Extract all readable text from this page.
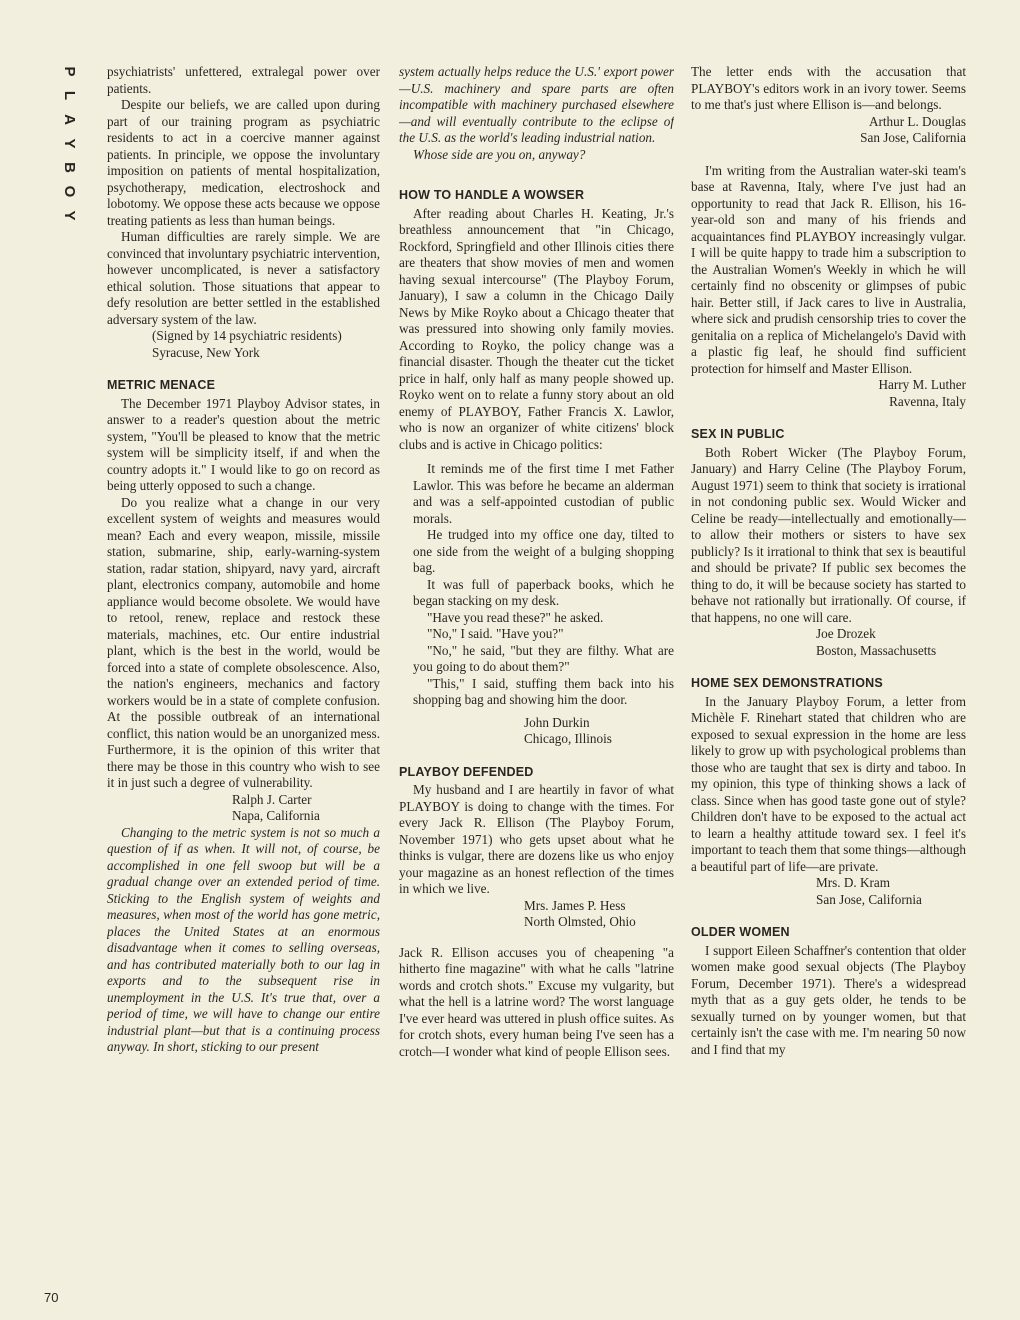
P
L
A
Y
B
O
Y
70

psychiatrists' unfettered, extralegal power over patients.

Despite our beliefs, we are called upon during part of our training program as psychiatric residents to act in a coercive manner against patients. In principle, we oppose the involuntary imposition on patients of mental hospitalization, psychotherapy, medication, electroshock and lobotomy. We oppose these acts because we oppose treating patients as less than human beings.

Human difficulties are rarely simple. We are convinced that involuntary psychiatric intervention, however uncomplicated, is never a satisfactory ethical solution. Those situations that appear to defy resolution are better settled in the established adversary system of the law.

(Signed by 14 psychiatric residents)

Syracuse, New York

METRIC MENACE

The December 1971 Playboy Advisor states, in answer to a reader's question about the metric system, "You'll be pleased to know that the metric system will be simplicity itself, if and when the country adopts it." I would like to go on record as being utterly opposed to such a change.

Do you realize what a change in our very excellent system of weights and measures would mean? Each and every weapon, missile, missile station, submarine, ship, early-warning-system station, radar station, shipyard, navy yard, aircraft plant, electronics company, automobile and home appliance would become obsolete. We would have to retool, renew, replace and restock these materials, machines, etc. Our entire industrial plant, which is the best in the world, would be forced into a state of complete obsolescence. Also, the nation's engineers, mechanics and factory workers would be in a state of complete confusion. At the possible outbreak of an international conflict, this nation would be an unorganized mess. Furthermore, it is the opinion of this writer that there may be those in this country who wish to see it in just such a degree of vulnerability.

Ralph J. Carter

Napa, California

Changing to the metric system is not so much a question of if as when. It will not, of course, be accomplished in one fell swoop but will be a gradual change over an extended period of time. Sticking to the English system of weights and measures, when most of the world has gone metric, places the United States at an enormous disadvantage when it comes to selling overseas, and has contributed materially both to our lag in exports and to the subsequent rise in unemployment in the U.S. It's true that, over a period of time, we will have to change our entire industrial plant—but that is a continuing process anyway. In short, sticking to our present

system actually helps reduce the U.S.' export power—U.S. machinery and spare parts are often incompatible with machinery purchased elsewhere—and will eventually contribute to the eclipse of the U.S. as the world's leading industrial nation.

Whose side are you on, anyway?

HOW TO HANDLE A WOWSER

After reading about Charles H. Keating, Jr.'s breathless announcement that "in Chicago, Rockford, Springfield and other Illinois cities there are theaters that show movies of men and women having sexual intercourse" (The Playboy Forum, January), I saw a column in the Chicago Daily News by Mike Royko about a Chicago theater that was pressured into showing only family movies. According to Royko, the policy change was a financial disaster. Though the theater cut the ticket price in half, only half as many people showed up. Royko went on to relate a funny story about an old enemy of PLAYBOY, Father Francis X. Lawlor, who is now an organizer of white citizens' block clubs and is active in Chicago politics:

It reminds me of the first time I met Father Lawlor. This was before he became an alderman and was a self-appointed custodian of public morals.

He trudged into my office one day, tilted to one side from the weight of a bulging shopping bag.

It was full of paperback books, which he began stacking on my desk.

"Have you read these?" he asked.

"No," I said. "Have you?"

"No," he said, "but they are filthy. What are you going to do about them?"

"This," I said, stuffing them back into his shopping bag and showing him the door.

John Durkin

Chicago, Illinois

PLAYBOY DEFENDED

My husband and I are heartily in favor of what PLAYBOY is doing to change with the times. For every Jack R. Ellison (The Playboy Forum, November 1971) who gets upset about what he thinks is vulgar, there are dozens like us who enjoy your magazine as an honest reflection of the times in which we live.

Mrs. James P. Hess

North Olmsted, Ohio

Jack R. Ellison accuses you of cheapening "a hitherto fine magazine" with what he calls "latrine words and crotch shots." Excuse my vulgarity, but what the hell is a latrine word? The worst language I've ever heard was uttered in plush office suites. As for crotch shots, every human being I've seen has a crotch—I wonder what kind of people Ellison sees.

The letter ends with the accusation that PLAYBOY's editors work in an ivory tower. Seems to me that's just where Ellison is—and belongs.

Arthur L. Douglas

San Jose, California

I'm writing from the Australian water-ski team's base at Ravenna, Italy, where I've just had an opportunity to read that Jack R. Ellison, his 16-year-old son and many of his friends and acquaintances find PLAYBOY increasingly vulgar. I will be quite happy to trade him a subscription to the Australian Women's Weekly in which he will certainly find no obscenity or glimpses of pubic hair. Better still, if Jack cares to live in Australia, where sick and prudish censorship tries to cover the genitalia on a replica of Michelangelo's David with a plastic fig leaf, he should find sufficient protection for himself and Master Ellison.

Harry M. Luther

Ravenna, Italy

SEX IN PUBLIC

Both Robert Wicker (The Playboy Forum, January) and Harry Celine (The Playboy Forum, August 1971) seem to think that society is irrational in not condoning public sex. Would Wicker and Celine be ready—intellectually and emotionally—to allow their mothers or sisters to have sex publicly? Is it irrational to think that sex is beautiful and should be private? If public sex becomes the thing to do, it will be because society has started to behave not rationally but irrationally. Of course, if that happens, no one will care.

Joe Drozek

Boston, Massachusetts

HOME SEX DEMONSTRATIONS

In the January Playboy Forum, a letter from Michèle F. Rinehart stated that children who are exposed to sexual expression in the home are less likely to grow up with psychological problems than those who are taught that sex is dirty and taboo. In my opinion, this type of thinking shows a lack of class. Since when has good taste gone out of style? Children don't have to be exposed to the actual act to learn a healthy attitude toward sex. I feel it's important to teach them that some things—although a beautiful part of life—are private.

Mrs. D. Kram

San Jose, California

OLDER WOMEN

I support Eileen Schaffner's contention that older women make good sexual objects (The Playboy Forum, December 1971). There's a widespread myth that as a guy gets older, he tends to be sexually turned on by younger women, but that certainly isn't the case with me. I'm nearing 50 now and I find that my
